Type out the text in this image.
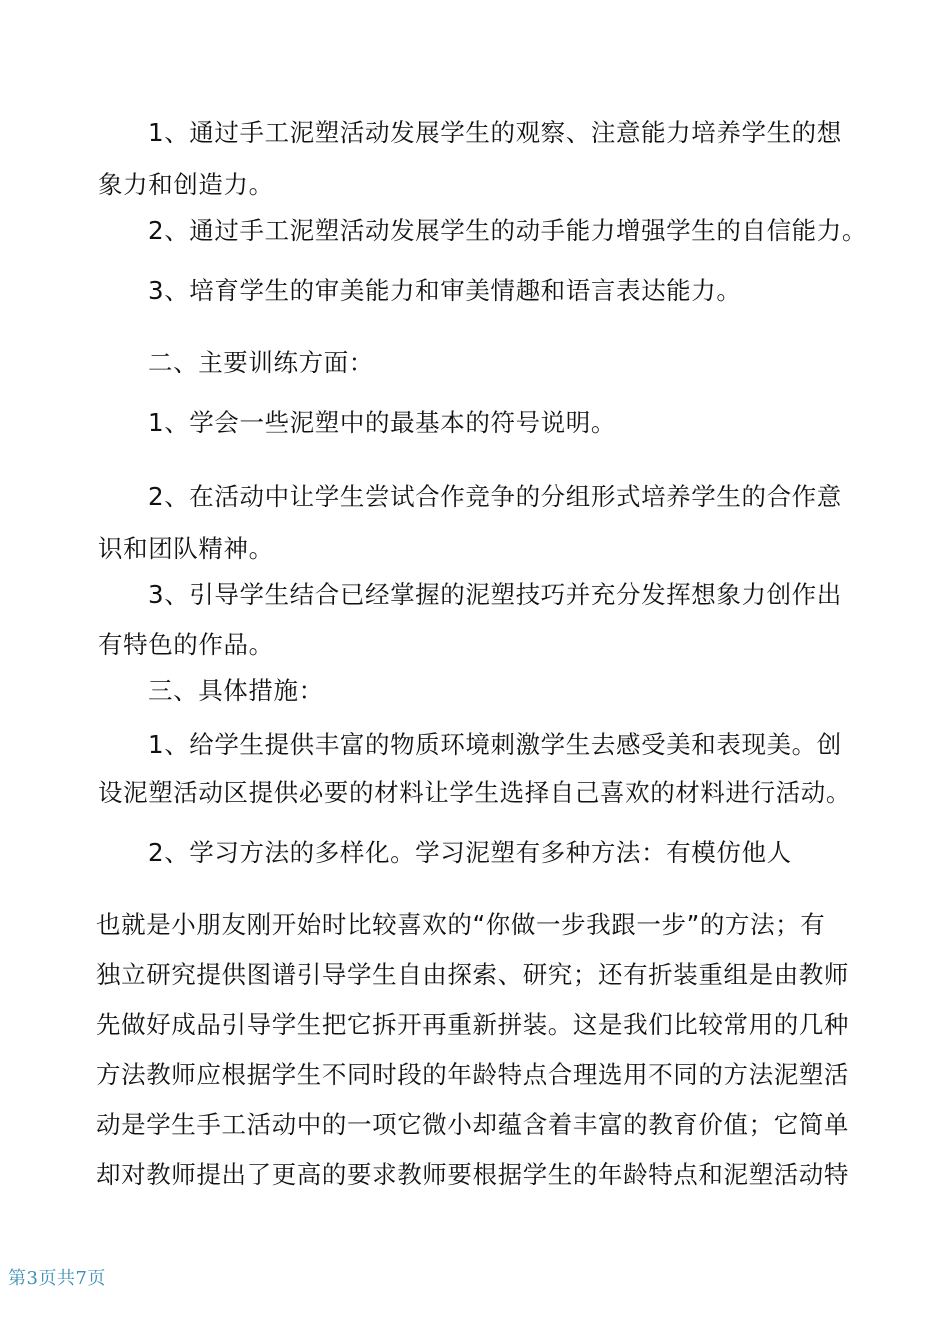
1、通过手工泥塑活动发展学生的观察、注意能力培养学生的想
象力和创造力。
2、通过手工泥塑活动发展学生的动手能力增强学生的自信能力。
3、培育学生的审美能力和审美情趣和语言表达能力。
二、主要训练方面：
1、学会一些泥塑中的最基本的符号说明。
2、在活动中让学生尝试合作竞争的分组形式培养学生的合作意
识和团队精神。
3、引导学生结合已经掌握的泥塑技巧并充分发挥想象力创作出
有特色的作品。
三、具体措施：
1、给学生提供丰富的物质环境刺激学生去感受美和表现美。创
设泥塑活动区提供必要的材料让学生选择自己喜欢的材料进行活动。
2、学习方法的多样化。学习泥塑有多种方法：有模仿他人
也就是小朋友刚开始时比较喜欢的“你做一步我跟一步”的方法；有
独立研究提供图谱引导学生自由探索、研究；还有折装重组是由教师
先做好成品引导学生把它拆开再重新拼装。这是我们比较常用的几种
方法教师应根据学生不同时段的年龄特点合理选用不同的方法泥塑活
动是学生手工活动中的一项它微小却蕴含着丰富的教育价值；它简单
却对教师提出了更高的要求教师要根据学生的年龄特点和泥塑活动特
第3页共7页
